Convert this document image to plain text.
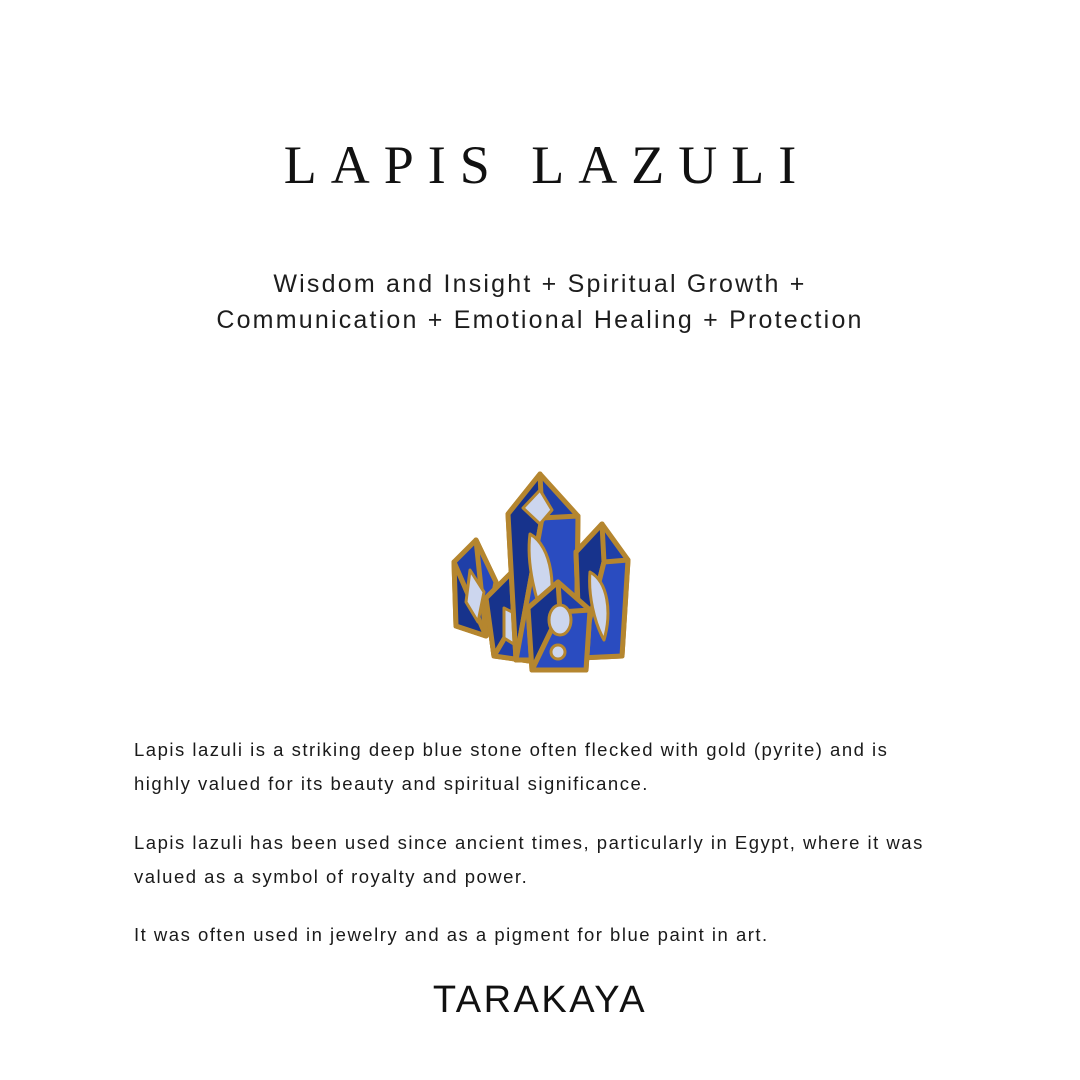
LAPIS LAZULI

Wisdom and Insight + Spiritual Growth + Communication + Emotional Healing + Protection

Lapis lazuli is a striking deep blue stone often flecked with gold (pyrite) and is highly valued for its beauty and spiritual significance.

Lapis lazuli has been used since ancient times, particularly in Egypt, where it was valued as a symbol of royalty and power.

It was often used in jewelry and as a pigment for blue paint in art.

TARAKAYA
